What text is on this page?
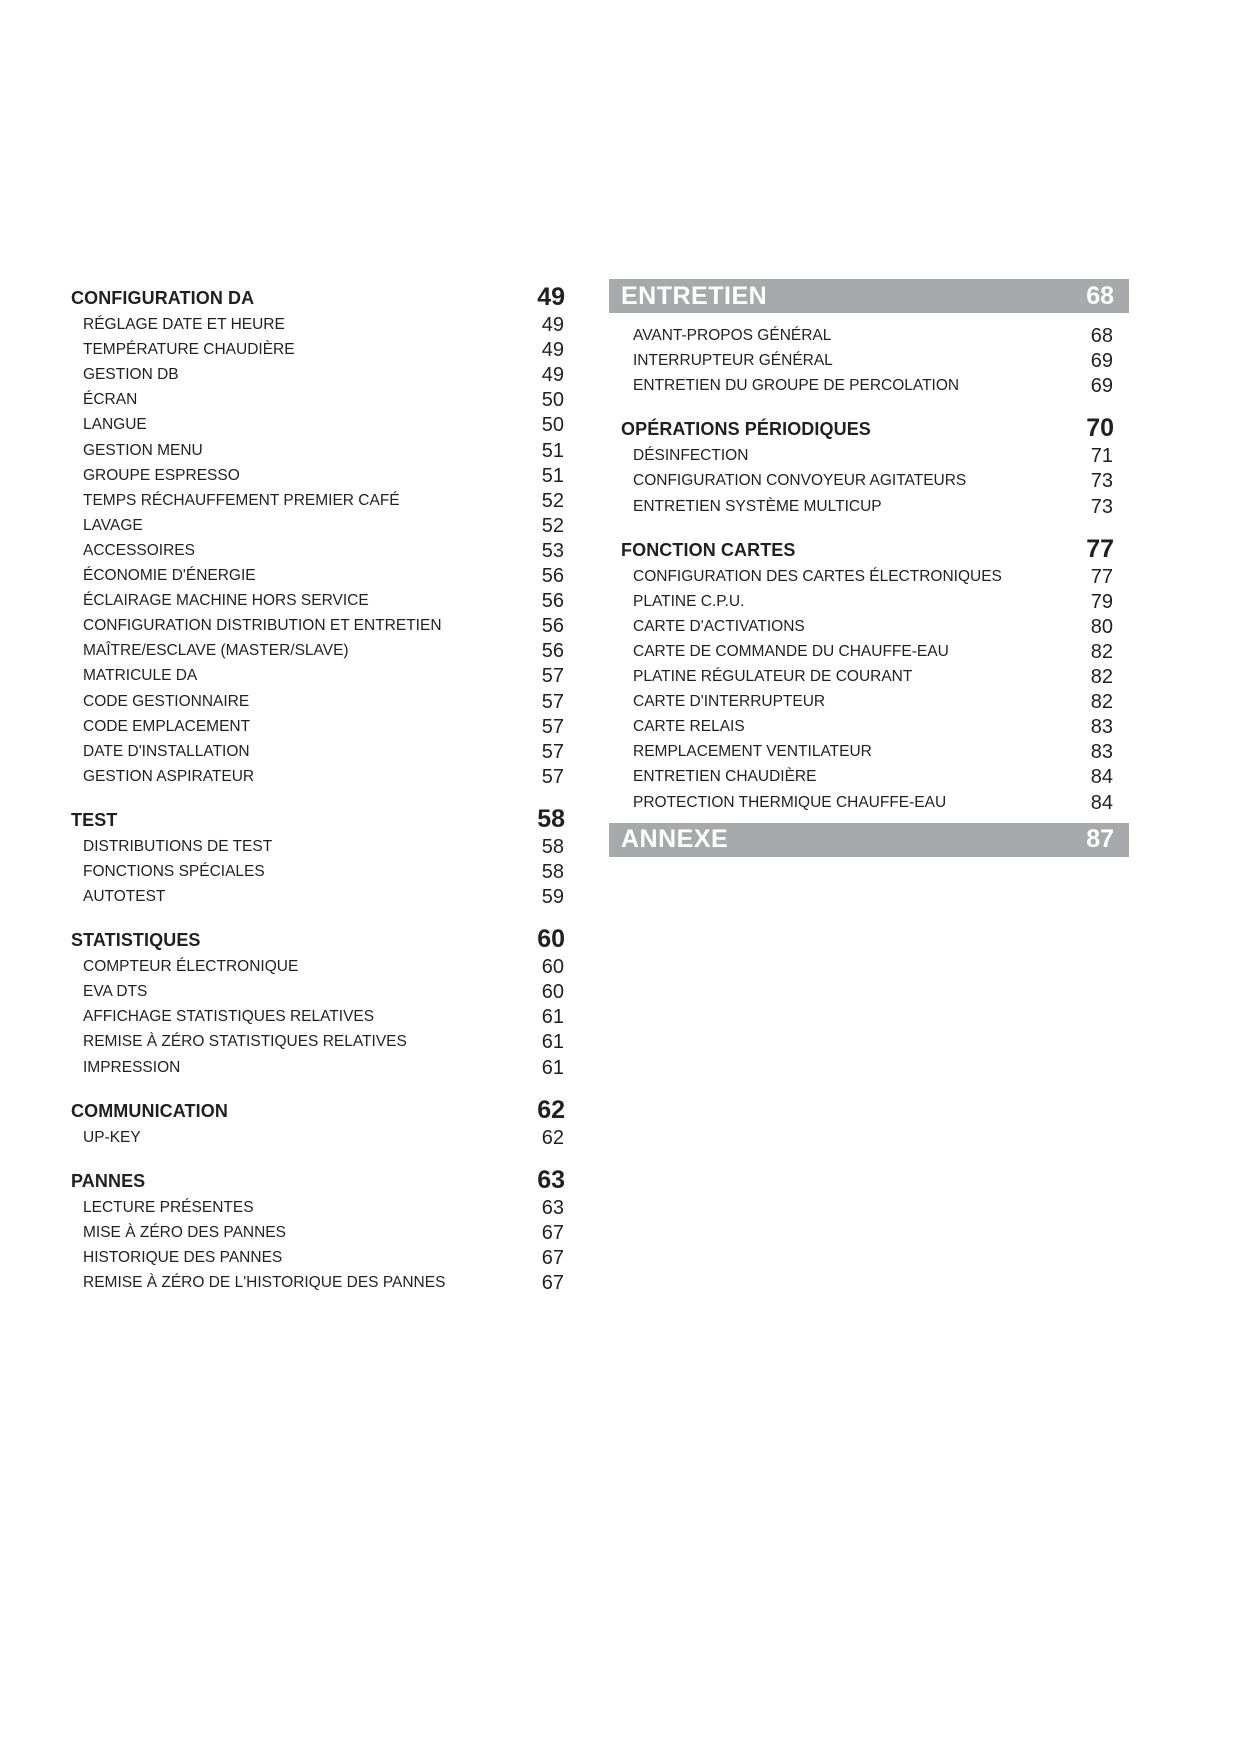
CONFIGURATION DA	49
RÉGLAGE DATE ET HEURE	49
TEMPÉRATURE CHAUDIÈRE	49
GESTION DB	49
ÉCRAN	50
LANGUE	50
GESTION MENU	51
GROUPE ESPRESSO	51
TEMPS RÉCHAUFFEMENT PREMIER CAFÉ	52
LAVAGE	52
ACCESSOIRES	53
ÉCONOMIE D'ÉNERGIE	56
ÉCLAIRAGE MACHINE HORS SERVICE	56
CONFIGURATION DISTRIBUTION ET ENTRETIEN	56
MAÎTRE/ESCLAVE (MASTER/SLAVE)	56
MATRICULE DA	57
CODE GESTIONNAIRE	57
CODE EMPLACEMENT	57
DATE D'INSTALLATION	57
GESTION ASPIRATEUR	57
TEST	58
DISTRIBUTIONS DE TEST	58
FONCTIONS SPÉCIALES	58
AUTOTEST	59
STATISTIQUES	60
COMPTEUR ÉLECTRONIQUE	60
EVA DTS	60
AFFICHAGE STATISTIQUES RELATIVES	61
REMISE À ZÉRO STATISTIQUES RELATIVES	61
IMPRESSION	61
COMMUNICATION	62
UP-KEY	62
PANNES	63
LECTURE PRÉSENTES	63
MISE À ZÉRO DES PANNES	67
HISTORIQUE DES PANNES	67
REMISE À ZÉRO DE L'HISTORIQUE DES PANNES	67
ENTRETIEN	68
AVANT-PROPOS GÉNÉRAL	68
INTERRUPTEUR GÉNÉRAL	69
ENTRETIEN DU GROUPE DE PERCOLATION	69
OPÉRATIONS PÉRIODIQUES	70
DÉSINFECTION	71
CONFIGURATION CONVOYEUR AGITATEURS	73
ENTRETIEN SYSTÈME MULTICUP	73
FONCTION CARTES	77
CONFIGURATION DES CARTES ÉLECTRONIQUES	77
PLATINE C.P.U.	79
CARTE D'ACTIVATIONS	80
CARTE DE COMMANDE DU CHAUFFE-EAU	82
PLATINE RÉGULATEUR DE COURANT	82
CARTE D'INTERRUPTEUR	82
CARTE RELAIS	83
REMPLACEMENT VENTILATEUR	83
ENTRETIEN CHAUDIÈRE	84
PROTECTION THERMIQUE CHAUFFE-EAU	84
ANNEXE	87
